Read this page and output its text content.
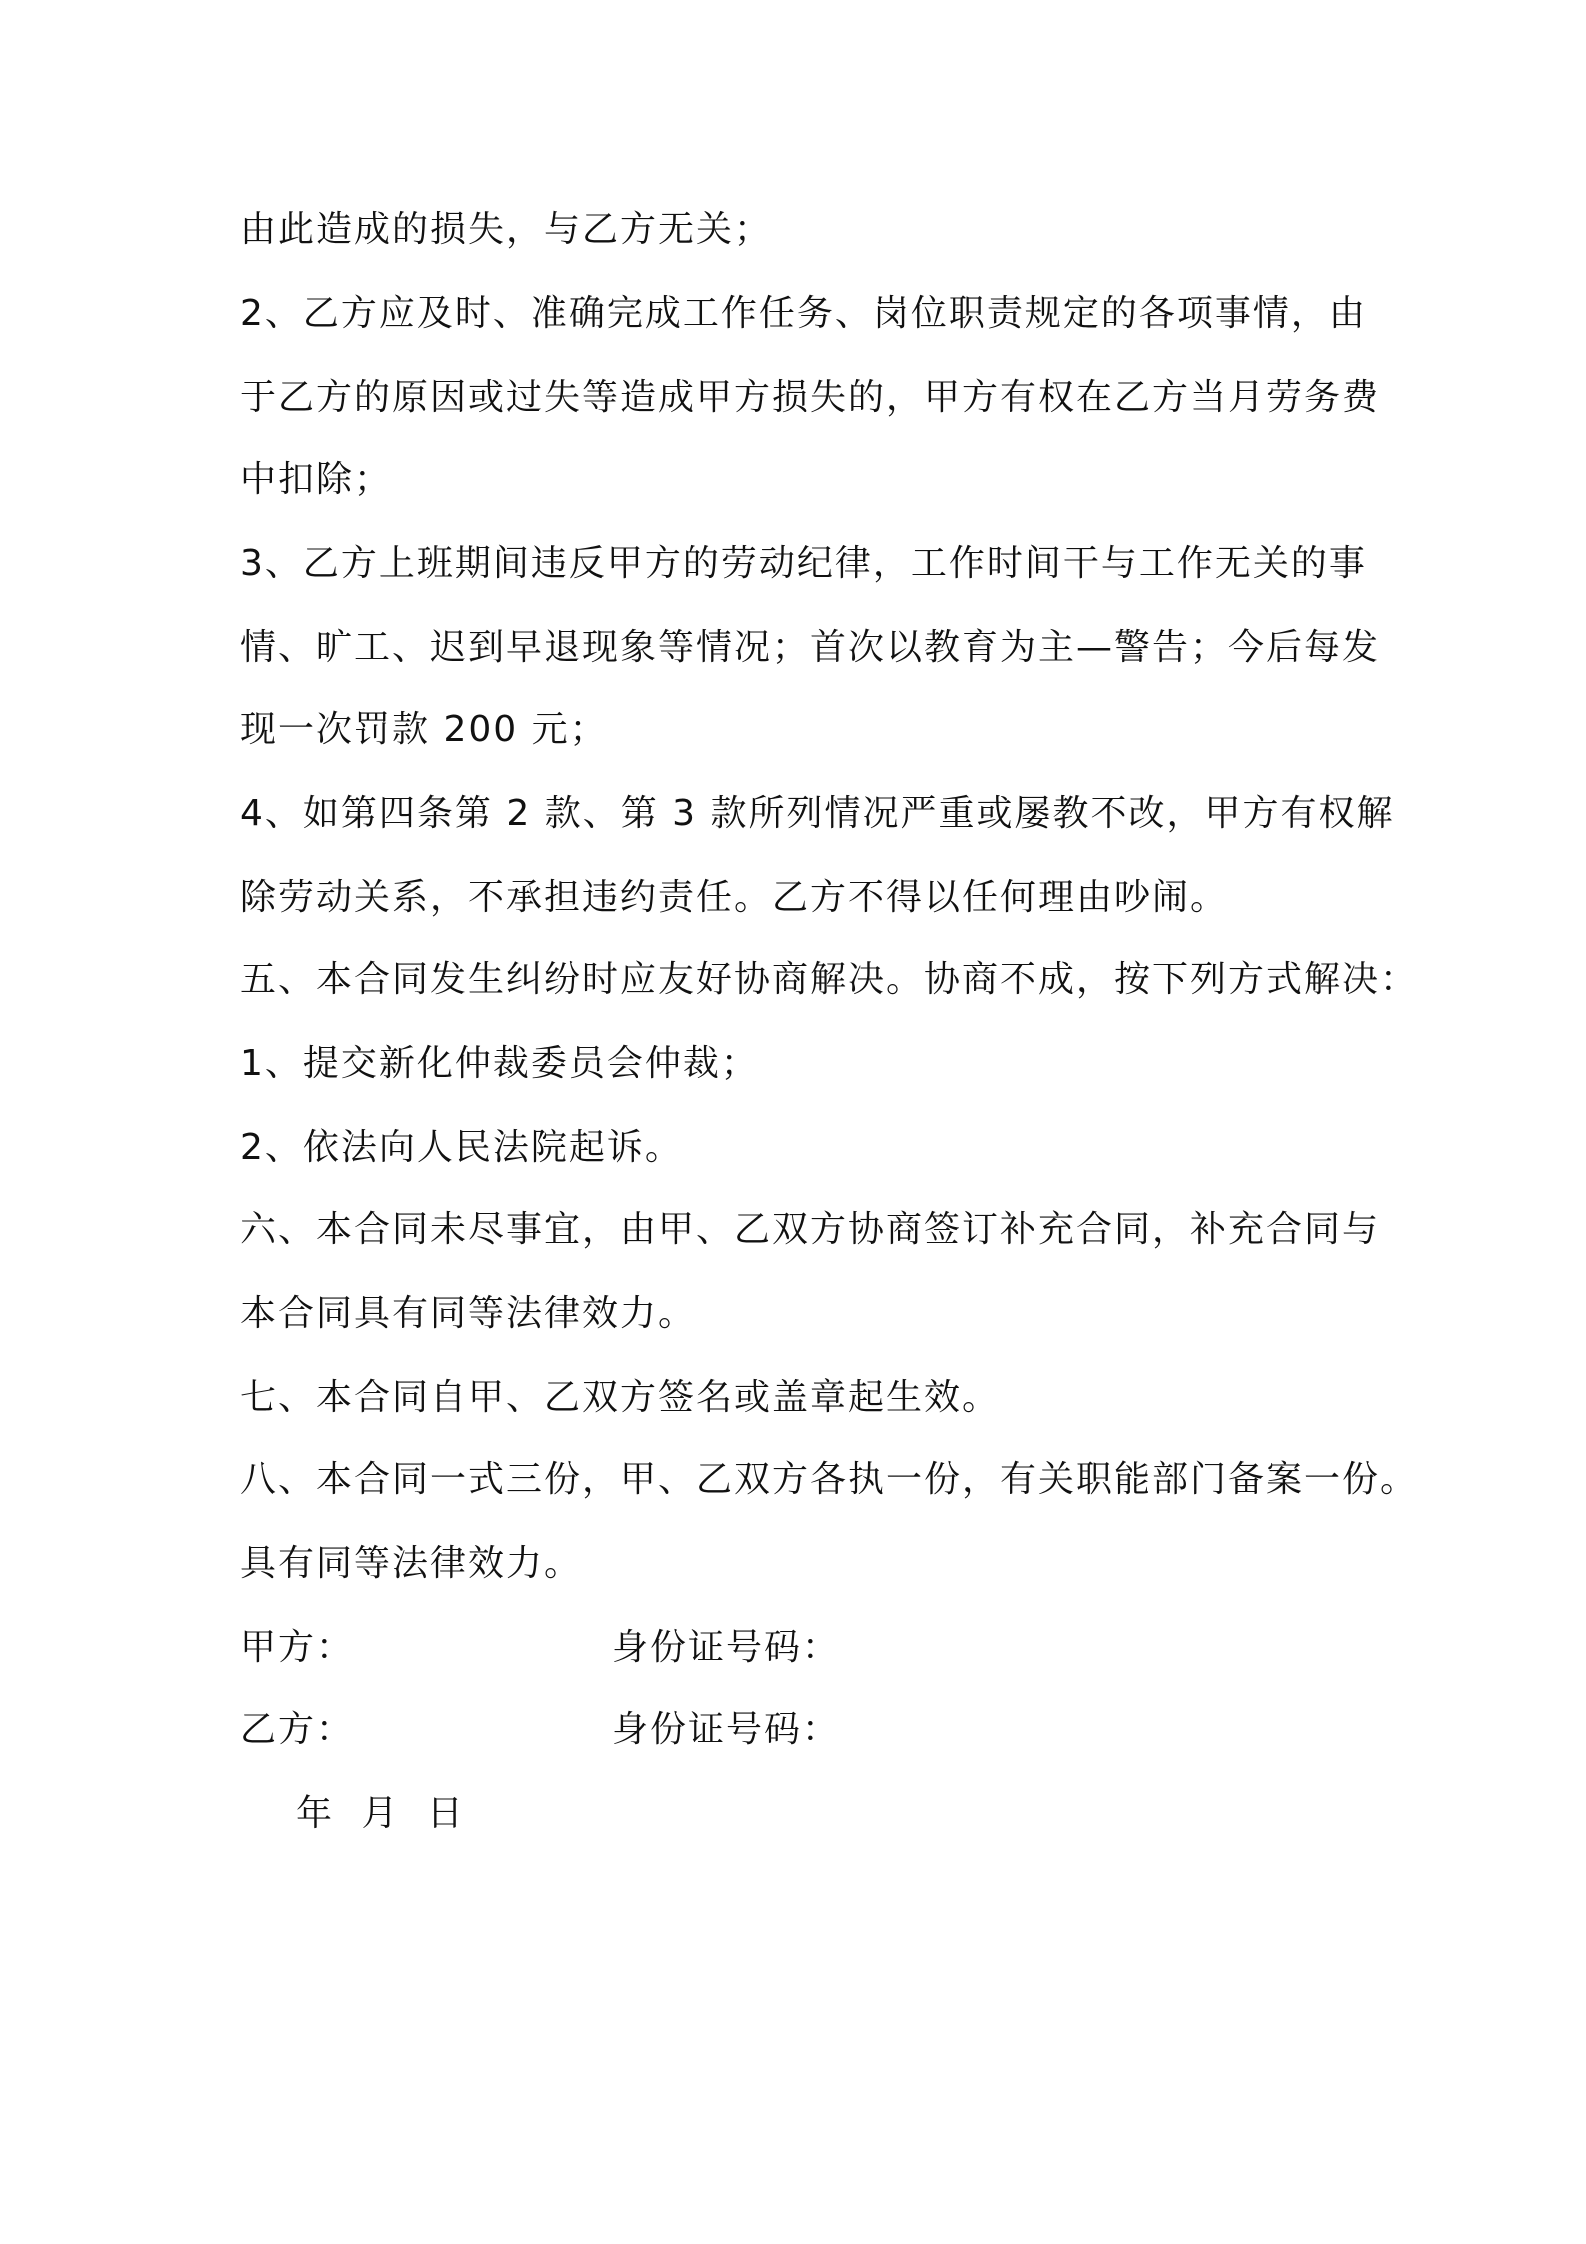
由此造成的损失，与乙方无关；
2、乙方应及时、准确完成工作任务、岗位职责规定的各项事情，由
于乙方的原因或过失等造成甲方损失的，甲方有权在乙方当月劳务费
中扣除；
3、乙方上班期间违反甲方的劳动纪律，工作时间干与工作无关的事
情、旷工、迟到早退现象等情况；首次以教育为主—警告；今后每发
现一次罚款 200 元；
4、如第四条第 2 款、第 3 款所列情况严重或屡教不改，甲方有权解
除劳动关系，不承担违约责任。乙方不得以任何理由吵闹。
五、本合同发生纠纷时应友好协商解决。协商不成，按下列方式解决：
1、提交新化仲裁委员会仲裁；
2、依法向人民法院起诉。
六、本合同未尽事宜，由甲、乙双方协商签订补充合同，补充合同与
本合同具有同等法律效力。
七、本合同自甲、乙双方签名或盖章起生效。
八、本合同一式三份，甲、乙双方各执一份，有关职能部门备案一份。
具有同等法律效力。
甲方：	身份证号码：
乙方：	身份证号码：
年 月 日
